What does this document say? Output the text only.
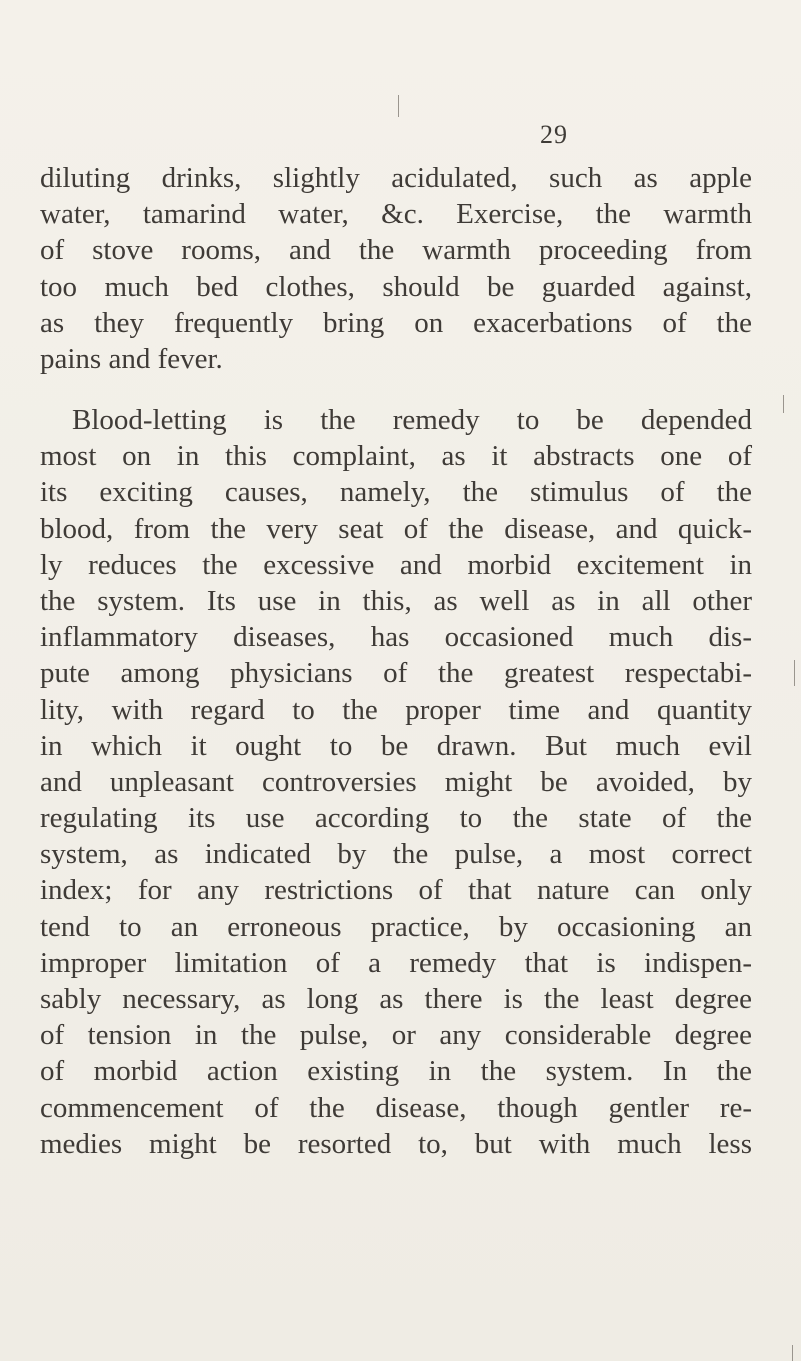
29
diluting drinks, slightly acidulated, such as apple
water, tamarind water, &c. Exercise, the warmth
of stove rooms, and the warmth proceeding from
too much bed clothes, should be guarded against,
as they frequently bring on exacerbations of the
pains and fever.
Blood-letting is the remedy to be depended
most on in this complaint, as it abstracts one of
its exciting causes, namely, the stimulus of the
blood, from the very seat of the disease, and quick-
ly reduces the excessive and morbid excitement in
the system. Its use in this, as well as in all other
inflammatory diseases, has occasioned much dis-
pute among physicians of the greatest respectabi-
lity, with regard to the proper time and quantity
in which it ought to be drawn. But much evil
and unpleasant controversies might be avoided, by
regulating its use according to the state of the
system, as indicated by the pulse, a most correct
index; for any restrictions of that nature can only
tend to an erroneous practice, by occasioning an
improper limitation of a remedy that is indispen-
sably necessary, as long as there is the least degree
of tension in the pulse, or any considerable degree
of morbid action existing in the system. In the
commencement of the disease, though gentler re-
medies might be resorted to, but with much less
